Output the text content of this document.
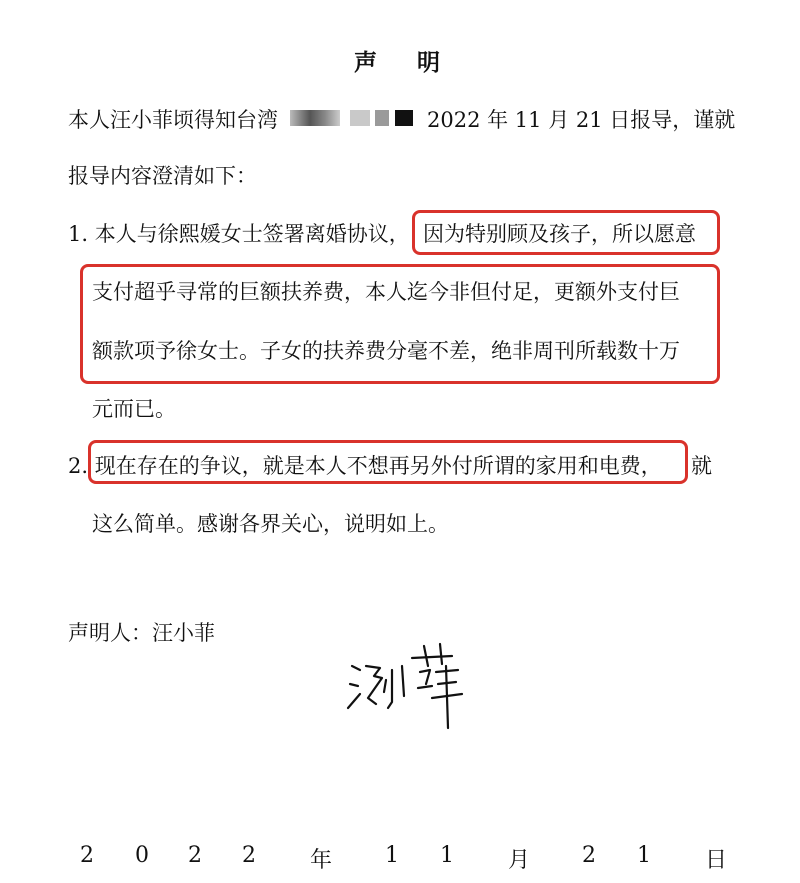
声明
本人汪小菲顷得知台湾	2022 年 11 月 21 日报导，谨就
报导内容澄清如下：
1. 本人与徐熙媛女士签署离婚协议， 因为特别顾及孩子，所以愿意
支付超乎寻常的巨额扶养费，本人迄今非但付足，更额外支付巨
额款项予徐女士。子女的扶养费分毫不差，绝非周刊所载数十万
元而已。
2. 现在存在的争议，就是本人不想再另外付所谓的家用和电费， 就
这么简单。感谢各界关心，说明如上。
声明人：汪小菲
2 0 2 2 年 1 1 月 2 1 日
